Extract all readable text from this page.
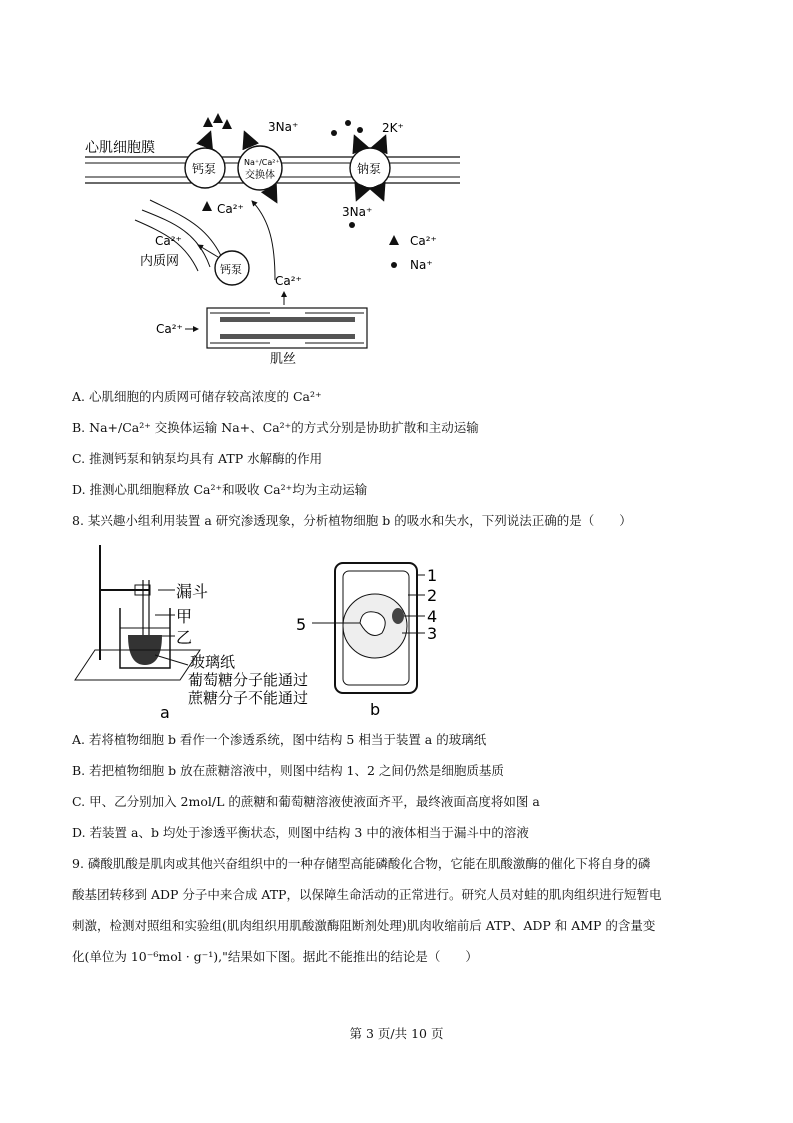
心肌细胞膜
钙泵	Na⁺/Ca²⁺
交换体
3Na⁺
Ca²⁺
钠泵
2K⁺
3Na⁺
钙泵
Ca²⁺
内质网
Ca²⁺
Ca²⁺
肌丝
Ca²⁺
Na⁺
A. 心肌细胞的内质网可储存较高浓度的 Ca²⁺
B. Na+/Ca²⁺ 交换体运输 Na+、Ca²⁺的方式分别是协助扩散和主动运输
C. 推测钙泵和钠泵均具有 ATP 水解酶的作用
D. 推测心肌细胞释放 Ca²⁺和吸收 Ca²⁺均为主动运输
8. 某兴趣小组利用装置 a 研究渗透现象，分析植物细胞 b 的吸水和失水，下列说法正确的是（　　）
漏斗
甲
乙
玻璃纸
葡萄糖分子能通过
蔗糖分子不能通过
a
1
2
4
3
5
b
A. 若将植物细胞 b 看作一个渗透系统，图中结构 5 相当于装置 a 的玻璃纸
B. 若把植物细胞 b 放在蔗糖溶液中，则图中结构 1、2 之间仍然是细胞质基质
C. 甲、乙分别加入 2mol/L 的蔗糖和葡萄糖溶液使液面齐平，最终液面高度将如图 a
D. 若装置 a、b 均处于渗透平衡状态，则图中结构 3 中的液体相当于漏斗中的溶液
9. 磷酸肌酸是肌肉或其他兴奋组织中的一种存储型高能磷酸化合物，它能在肌酸激酶的催化下将自身的磷
酸基团转移到 ADP 分子中来合成 ATP，以保障生命活动的正常进行。研究人员对蛙的肌肉组织进行短暂电
刺激，检测对照组和实验组(肌肉组织用肌酸激酶阻断剂处理)肌肉收缩前后 ATP、ADP 和 AMP 的含量变
化(单位为 10⁻⁶mol · g⁻¹),"结果如下图。据此不能推出的结论是（　　）
第 3 页/共 10 页
